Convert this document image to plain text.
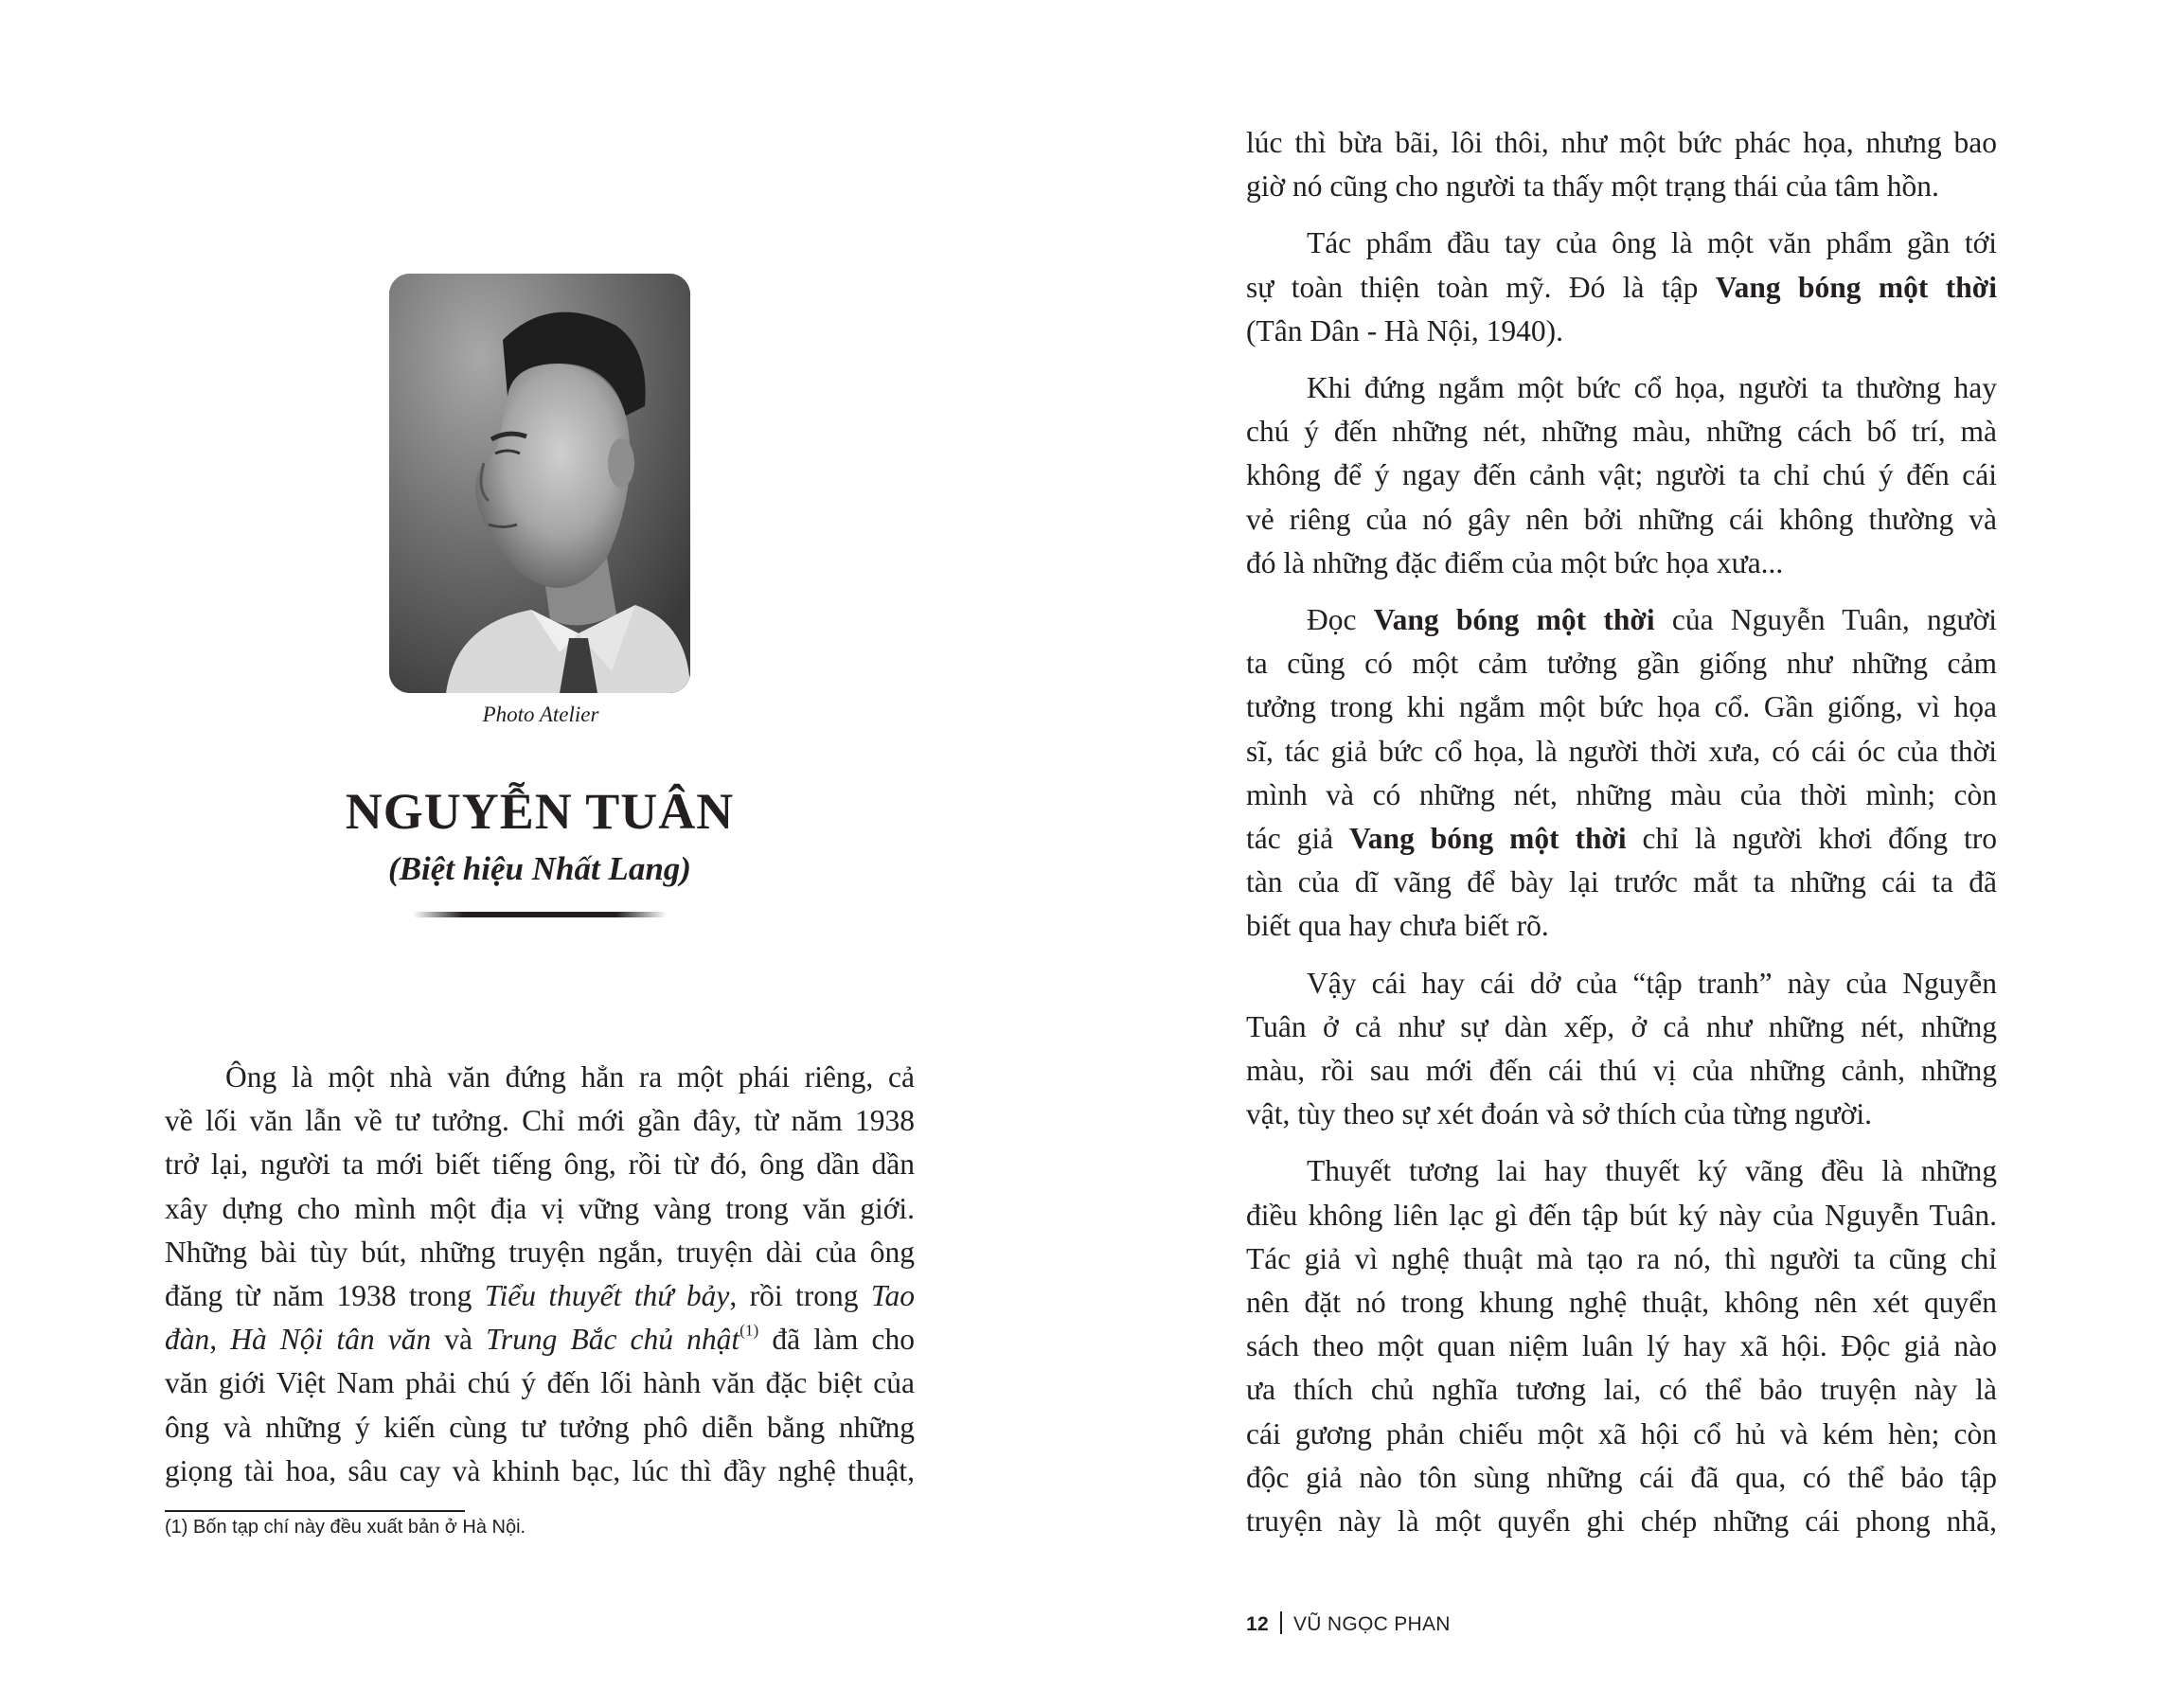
Photo Atelier
NGUYỄN TUÂN
(Biệt hiệu Nhất Lang)
Ông là một nhà văn đứng hẳn ra một phái riêng, cả
về lối văn lẫn về tư tưởng. Chỉ mới gần đây, từ năm 1938
trở lại, người ta mới biết tiếng ông, rồi từ đó, ông dần dần
xây dựng cho mình một địa vị vững vàng trong văn giới.
Những bài tùy bút, những truyện ngắn, truyện dài của ông
đăng từ năm 1938 trong Tiểu thuyết thứ bảy, rồi trong Tao
đàn, Hà Nội tân văn và Trung Bắc chủ nhật$^{(1)}$ đã làm cho
văn giới Việt Nam phải chú ý đến lối hành văn đặc biệt của
ông và những ý kiến cùng tư tưởng phô diễn bằng những
giọng tài hoa, sâu cay và khinh bạc, lúc thì đầy nghệ thuật,
(1) Bốn tạp chí này đều xuất bản ở Hà Nội.
lúc thì bừa bãi, lôi thôi, như một bức phác họa, nhưng bao
giờ nó cũng cho người ta thấy một trạng thái của tâm hồn.
Tác phẩm đầu tay của ông là một văn phẩm gần tới
sự toàn thiện toàn mỹ. Đó là tập Vang bóng một thời
(Tân Dân - Hà Nội, 1940).
Khi đứng ngắm một bức cổ họa, người ta thường hay
chú ý đến những nét, những màu, những cách bố trí, mà
không để ý ngay đến cảnh vật; người ta chỉ chú ý đến cái
vẻ riêng của nó gây nên bởi những cái không thường và
đó là những đặc điểm của một bức họa xưa...
Đọc Vang bóng một thời của Nguyễn Tuân, người
ta cũng có một cảm tưởng gần giống như những cảm
tưởng trong khi ngắm một bức họa cổ. Gần giống, vì họa
sĩ, tác giả bức cổ họa, là người thời xưa, có cái óc của thời
mình và có những nét, những màu của thời mình; còn
tác giả Vang bóng một thời chỉ là người khơi đống tro
tàn của dĩ vãng để bày lại trước mắt ta những cái ta đã
biết qua hay chưa biết rõ.
Vậy cái hay cái dở của “tập tranh” này của Nguyễn
Tuân ở cả như sự dàn xếp, ở cả như những nét, những
màu, rồi sau mới đến cái thú vị của những cảnh, những
vật, tùy theo sự xét đoán và sở thích của từng người.
Thuyết tương lai hay thuyết ký vãng đều là những
điều không liên lạc gì đến tập bút ký này của Nguyễn Tuân.
Tác giả vì nghệ thuật mà tạo ra nó, thì người ta cũng chỉ
nên đặt nó trong khung nghệ thuật, không nên xét quyển
sách theo một quan niệm luân lý hay xã hội. Độc giả nào
ưa thích chủ nghĩa tương lai, có thể bảo truyện này là
cái gương phản chiếu một xã hội cổ hủ và kém hèn; còn
độc giả nào tôn sùng những cái đã qua, có thể bảo tập
truyện này là một quyển ghi chép những cái phong nhã,
12 VŨ NGỌC PHAN
